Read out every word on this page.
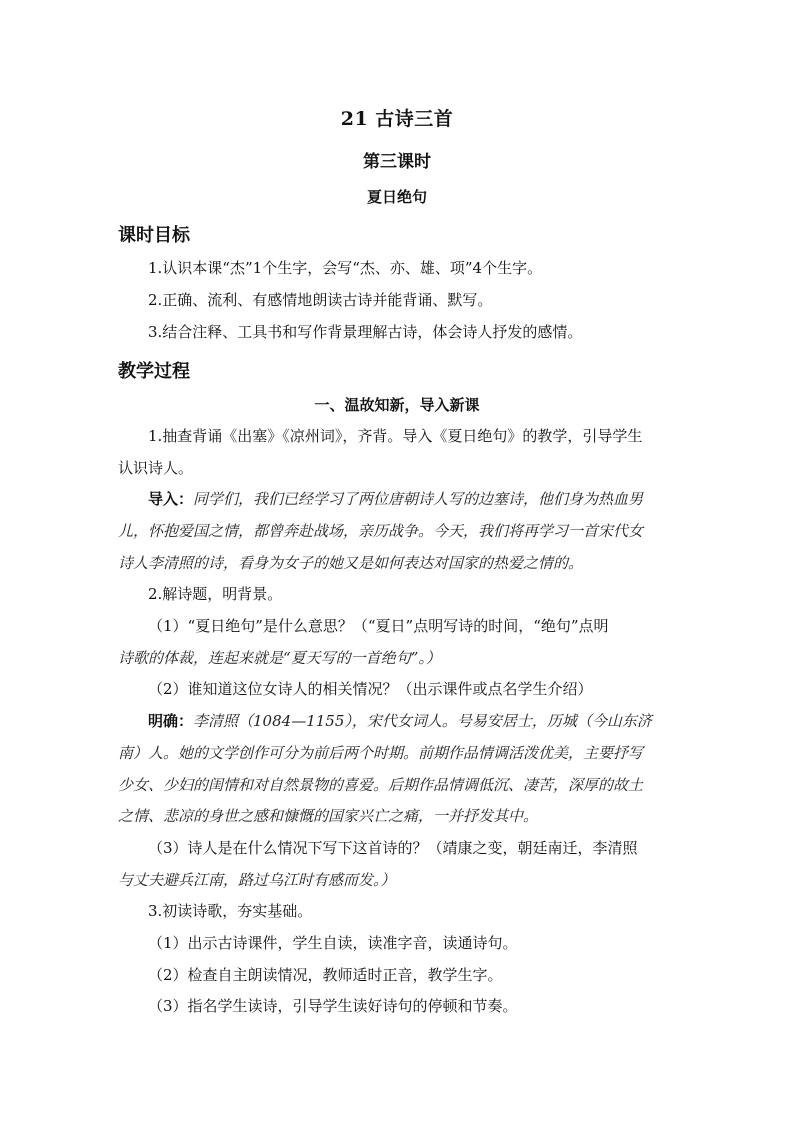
21 古诗三首
第三课时
夏日绝句
课时目标
1.认识本课“杰”1个生字，会写“杰、亦、雄、项”4个生字。
2.正确、流利、有感情地朗读古诗并能背诵、默写。
3.结合注释、工具书和写作背景理解古诗，体会诗人抒发的感情。
教学过程
一、温故知新，导入新课
1.抽查背诵《出塞》《凉州词》，齐背。导入《夏日绝句》的教学，引导学生
认识诗人。
导入：同学们，我们已经学习了两位唐朝诗人写的边塞诗，他们身为热血男
儿，怀抱爱国之情，都曾奔赴战场，亲历战争。今天，我们将再学习一首宋代女
诗人李清照的诗，看身为女子的她又是如何表达对国家的热爱之情的。
2.解诗题，明背景。
（1）“夏日绝句”是什么意思？（“夏日”点明写诗的时间，“绝句”点明
诗歌的体裁，连起来就是“夏天写的一首绝句”。）
（2）谁知道这位女诗人的相关情况？（出示课件或点名学生介绍）
明确：李清照（1084—1155），宋代女词人。号易安居士，历城（今山东济
南）人。她的文学创作可分为前后两个时期。前期作品情调活泼优美，主要抒写
少女、少妇的闺情和对自然景物的喜爱。后期作品情调低沉、凄苦，深厚的故土
之情、悲凉的身世之感和慷慨的国家兴亡之痛，一并抒发其中。
（3）诗人是在什么情况下写下这首诗的？（靖康之变，朝廷南迁，李清照
与丈夫避兵江南，路过乌江时有感而发。）
3.初读诗歌，夯实基础。
（1）出示古诗课件，学生自读，读准字音，读通诗句。
（2）检查自主朗读情况，教师适时正音，教学生字。
（3）指名学生读诗，引导学生读好诗句的停顿和节奏。
